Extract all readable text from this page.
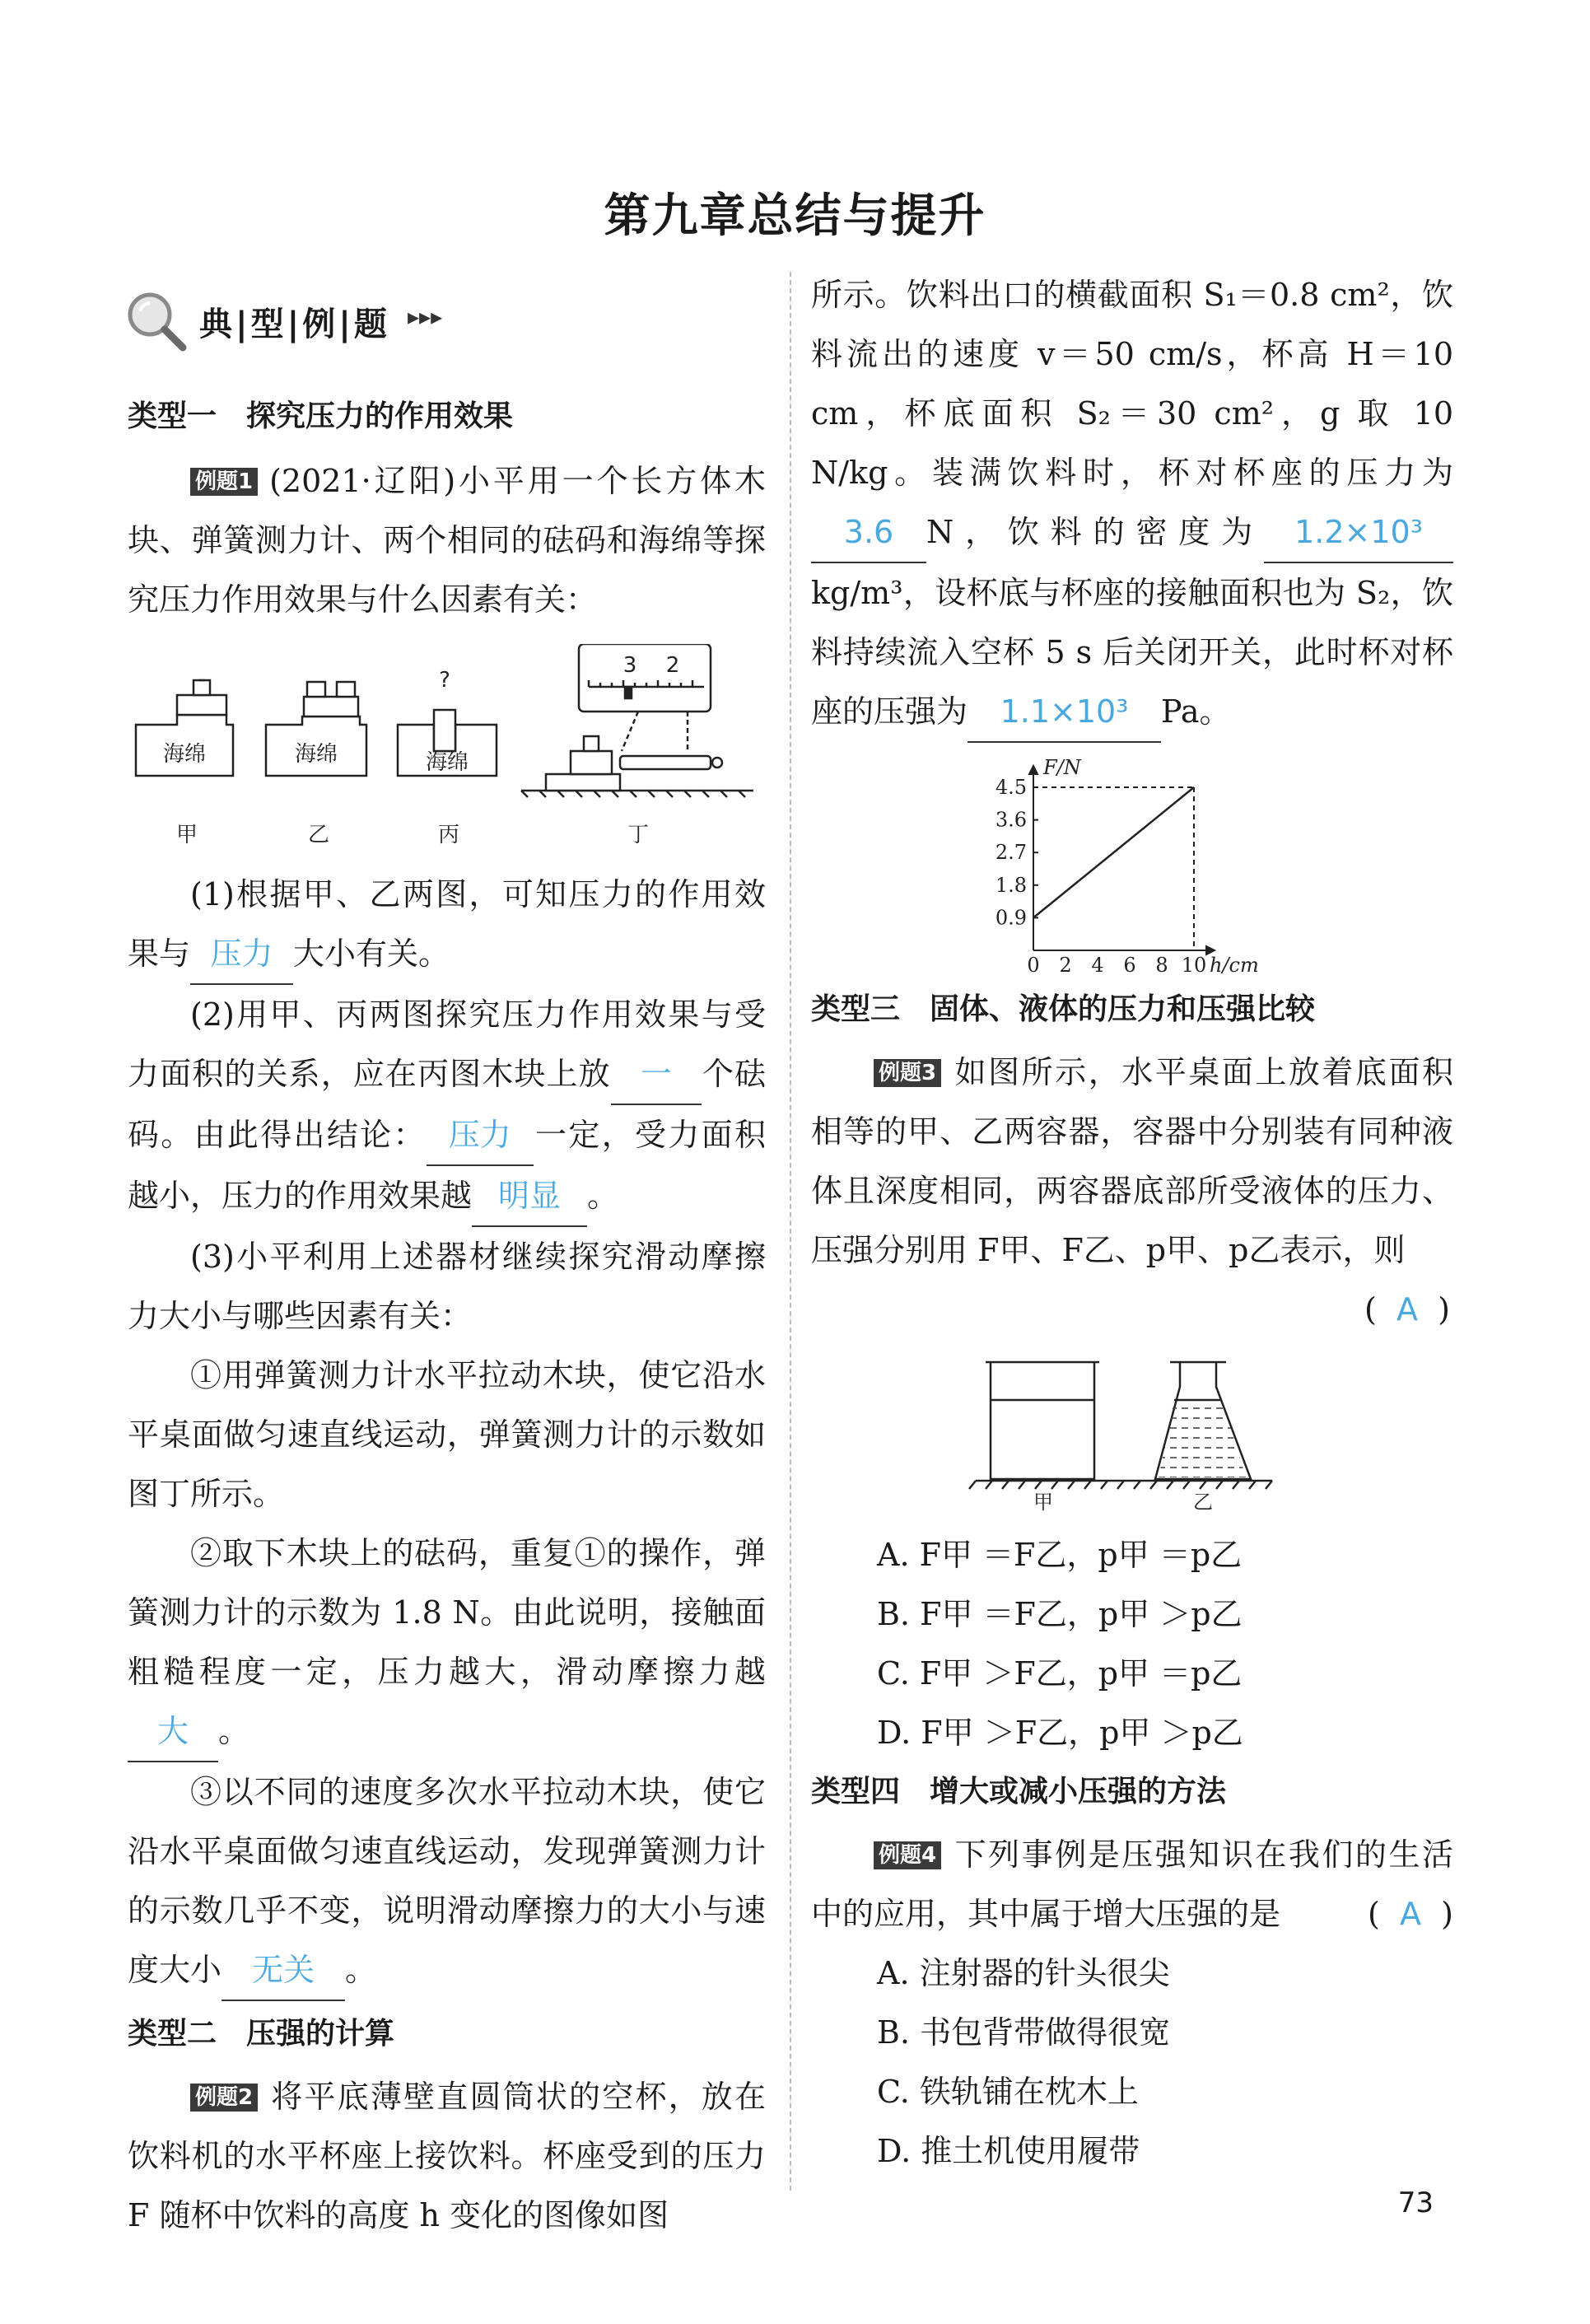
第九章总结与提升
典|型|例|题 ▸▸▸
类型一　探究压力的作用效果

例题1 (2021·辽阳)小平用一个长方体木块、弹簧测力计、两个相同的砝码和海绵等探究压力作用效果与什么因素有关：

海绵	海绵	海绵
?
3 2
甲	乙	丙	丁

(1)根据甲、乙两图，可知压力的作用效果与 压力 大小有关。

(2)用甲、丙两图探究压力作用效果与受力面积的关系，应在丙图木块上放 一 个砝码。由此得出结论： 压力 一定，受力面积越小，压力的作用效果越 明显 。

(3)小平利用上述器材继续探究滑动摩擦力大小与哪些因素有关：

①用弹簧测力计水平拉动木块，使它沿水平桌面做匀速直线运动，弹簧测力计的示数如图丁所示。

②取下木块上的砝码，重复①的操作，弹簧测力计的示数为 1.8 N。由此说明，接触面粗糙程度一定，压力越大，滑动摩擦力越大 。

③以不同的速度多次水平拉动木块，使它沿水平桌面做匀速直线运动，发现弹簧测力计的示数几乎不变，说明滑动摩擦力的大小与速度大小 无关 。

类型二　压强的计算

例题2 将平底薄壁直圆筒状的空杯，放在饮料机的水平杯座上接饮料。杯座受到的压力 F 随杯中饮料的高度 h 变化的图像如图

所示。饮料出口的横截面积 S₁＝0.8 cm²，饮料流出的速度 v＝50 cm/s，杯高 H＝10 cm，杯底面积 S₂＝30 cm²，g 取 10 N/kg。装满饮料时，杯对杯座的压力为3.6 N，饮料的密度为 1.2×10³kg/m³，设杯底与杯座的接触面积也为 S₂，饮料持续流入空杯 5 s 后关闭开关，此时杯对杯座的压强为 1.1×10³ Pa。

0 2 4 6 8 10
0.9
1.8
2.7
3.6
4.5
F/N
h/cm
类型三　固体、液体的压力和压强比较

例题3 如图所示，水平桌面上放着底面积相等的甲、乙两容器，容器中分别装有同种液体且深度相同，两容器底部所受液体的压力、压强分别用 F甲、F乙、p甲、p乙表示，则

(  A  )
甲	乙

A. F甲 ＝F乙，p甲 ＝p乙

B. F甲 ＝F乙，p甲 ＞p乙

C. F甲 ＞F乙，p甲 ＝p乙

D. F甲 ＞F乙，p甲 ＞p乙

类型四　增大或减小压强的方法

例题4 下列事例是压强知识在我们的生活中的应用，其中属于增大压强的是	(  A  )

A. 注射器的针头很尖

B. 书包背带做得很宽

C. 铁轨铺在枕木上

D. 推土机使用履带

73
